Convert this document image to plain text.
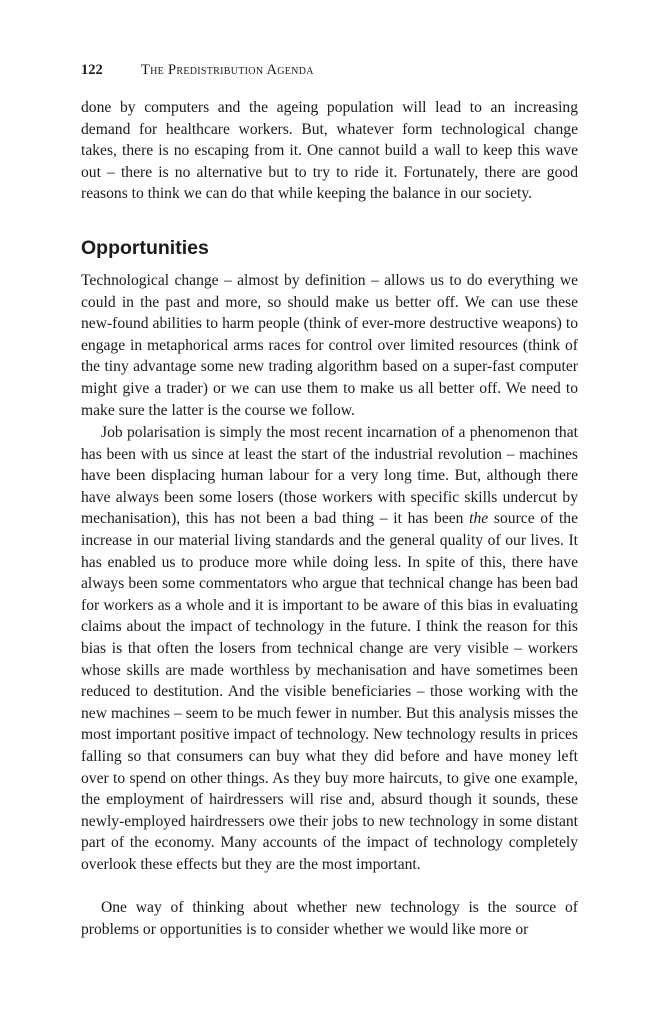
122	The Predistribution Agenda

done by computers and the ageing population will lead to an increasing demand for healthcare workers. But, whatever form technological change takes, there is no escaping from it. One cannot build a wall to keep this wave out – there is no alternative but to try to ride it. Fortunately, there are good reasons to think we can do that while keeping the balance in our society.

Opportunities

Technological change – almost by definition – allows us to do everything we could in the past and more, so should make us better off. We can use these new-found abilities to harm people (think of ever-more destructive weapons) to engage in metaphorical arms races for control over limited resources (think of the tiny advantage some new trading algorithm based on a super-fast computer might give a trader) or we can use them to make us all better off. We need to make sure the latter is the course we follow.

Job polarisation is simply the most recent incarnation of a phenomenon that has been with us since at least the start of the industrial revolution – machines have been displacing human labour for a very long time. But, although there have always been some losers (those workers with specific skills undercut by mechanisation), this has not been a bad thing – it has been the source of the increase in our material living standards and the general quality of our lives. It has enabled us to produce more while doing less. In spite of this, there have always been some commentators who argue that technical change has been bad for workers as a whole and it is important to be aware of this bias in evaluating claims about the impact of technology in the future. I think the reason for this bias is that often the losers from technical change are very visible – workers whose skills are made worthless by mechanisation and have sometimes been reduced to destitution. And the visible beneficiaries – those working with the new machines – seem to be much fewer in number. But this analysis misses the most important positive impact of technology. New technology results in prices falling so that consumers can buy what they did before and have money left over to spend on other things. As they buy more haircuts, to give one example, the employment of hairdressers will rise and, absurd though it sounds, these newly-employed hairdressers owe their jobs to new technology in some distant part of the economy. Many accounts of the impact of technology completely overlook these effects but they are the most important.

One way of thinking about whether new technology is the source of problems or opportunities is to consider whether we would like more or
